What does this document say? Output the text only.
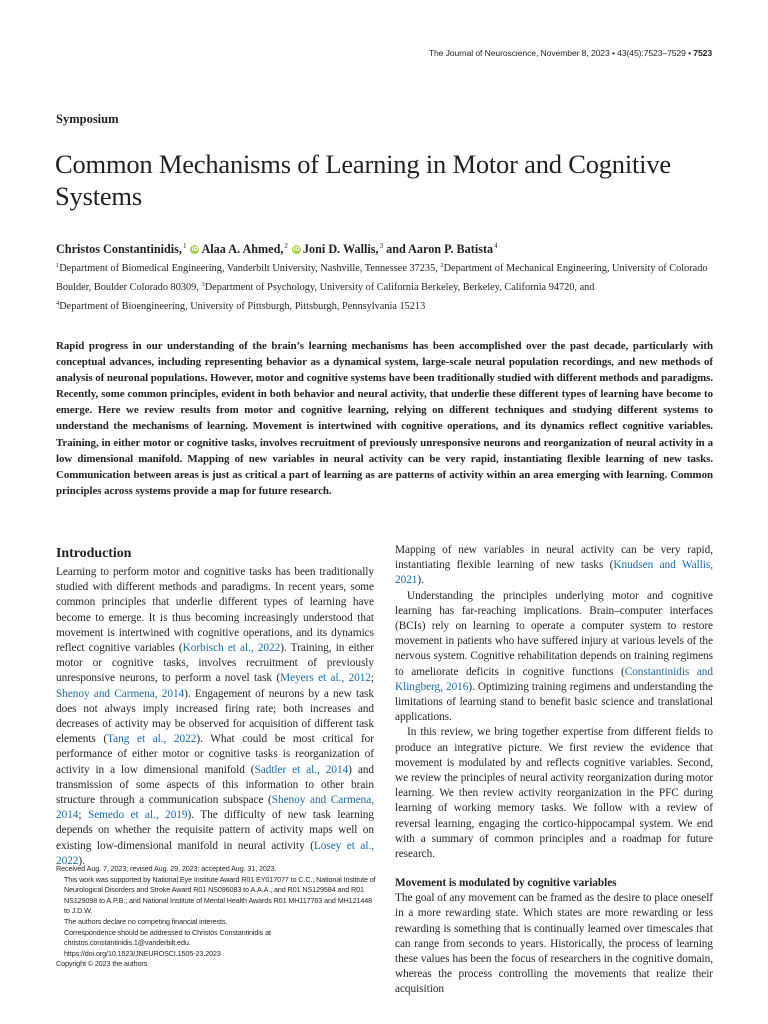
The Journal of Neuroscience, November 8, 2023 • 43(45):7523–7529 • 7523
Symposium
Common Mechanisms of Learning in Motor and Cognitive Systems
Christos Constantinidis,$^1$ iD Alaa A. Ahmed,$^2$ iD Joni D. Wallis,$^3$ and Aaron P. Batista$^4$
$^1$Department of Biomedical Engineering, Vanderbilt University, Nashville, Tennessee 37235, $^2$Department of Mechanical Engineering, University of Colorado Boulder, Boulder Colorado 80309, $^3$Department of Psychology, University of California Berkeley, Berkeley, California 94720, and
$^4$Department of Bioengineering, University of Pittsburgh, Pittsburgh, Pennsylvania 15213

Rapid progress in our understanding of the brain’s learning mechanisms has been accomplished over the past decade, particularly with conceptual advances, including representing behavior as a dynamical system, large-scale neural population recordings, and new methods of analysis of neuronal populations. However, motor and cognitive systems have been traditionally studied with different methods and paradigms. Recently, some common principles, evident in both behavior and neural activity, that underlie these different types of learning have become to emerge. Here we review results from motor and cognitive learning, relying on different techniques and studying different systems to understand the mechanisms of learning. Movement is intertwined with cognitive operations, and its dynamics reflect cognitive variables. Training, in either motor or cognitive tasks, involves recruitment of previously unresponsive neurons and reorganization of neural activity in a low dimensional manifold. Mapping of new variables in neural activity can be very rapid, instantiating flexible learning of new tasks. Communication between areas is just as critical a part of learning as are patterns of activity within an area emerging with learning. Common principles across systems provide a map for future research.

Introduction

Learning to perform motor and cognitive tasks has been traditionally studied with different methods and paradigms. In recent years, some common principles that underlie different types of learning have become to emerge. It is thus becoming increasingly understood that movement is intertwined with cognitive operations, and its dynamics reflect cognitive variables (Korbisch et al., 2022). Training, in either motor or cognitive tasks, involves recruitment of previously unresponsive neurons, to perform a novel task (Meyers et al., 2012; Shenoy and Carmena, 2014). Engagement of neurons by a new task does not always imply increased firing rate; both increases and decreases of activity may be observed for acquisition of different task elements (Tang et al., 2022). What could be most critical for performance of either motor or cognitive tasks is reorganization of activity in a low dimensional manifold (Sadtler et al., 2014) and transmission of some aspects of this information to other brain structure through a communication subspace (Shenoy and Carmena, 2014; Semedo et al., 2019). The difficulty of new task learning depends on whether the requisite pattern of activity maps well on existing low-dimensional manifold in neural activity (Losey et al., 2022).

Mapping of new variables in neural activity can be very rapid, instantiating flexible learning of new tasks (Knudsen and Wallis, 2021).

Understanding the principles underlying motor and cognitive learning has far-reaching implications. Brain–computer interfaces (BCIs) rely on learning to operate a computer system to restore movement in patients who have suffered injury at various levels of the nervous system. Cognitive rehabilitation depends on training regimens to ameliorate deficits in cognitive functions (Constantinidis and Klingberg, 2016). Optimizing training regimens and understanding the limitations of learning stand to benefit basic science and translational applications.

In this review, we bring together expertise from different fields to produce an integrative picture. We first review the evidence that movement is modulated by and reflects cognitive variables. Second, we review the principles of neural activity reorganization during motor learning. We then review activity reorganization in the PFC during learning of working memory tasks. We follow with a review of reversal learning, engaging the cortico-hippocampal system. We end with a summary of common principles and a roadmap for future research.

Movement is modulated by cognitive variables

The goal of any movement can be framed as the desire to place oneself in a more rewarding state. Which states are more rewarding or less rewarding is something that is continually learned over timescales that can range from seconds to years. Historically, the process of learning these values has been the focus of researchers in the cognitive domain, whereas the process controlling the movements that realize their acquisition

Received Aug. 7, 2023; revised Aug. 29, 2023; accepted Aug. 31, 2023.

This work was supported by National Eye Institute Award R01 EY017077 to C.C.; National Institute of Neurological Disorders and Stroke Award R01 NS096083 to A.A.A., and R01 NS129584 and R01 NS129098 to A.P.B.; and National Institute of Mental Health Awards R01 MH117763 and MH121448 to J.D.W.

The authors declare no competing financial interests.

Correspondence should be addressed to Christos Constantinidis at christos.constantinidis.1@vanderbilt.edu.

https://doi.org/10.1523/JNEUROSCI.1505-23.2023

Copyright © 2023 the authors
